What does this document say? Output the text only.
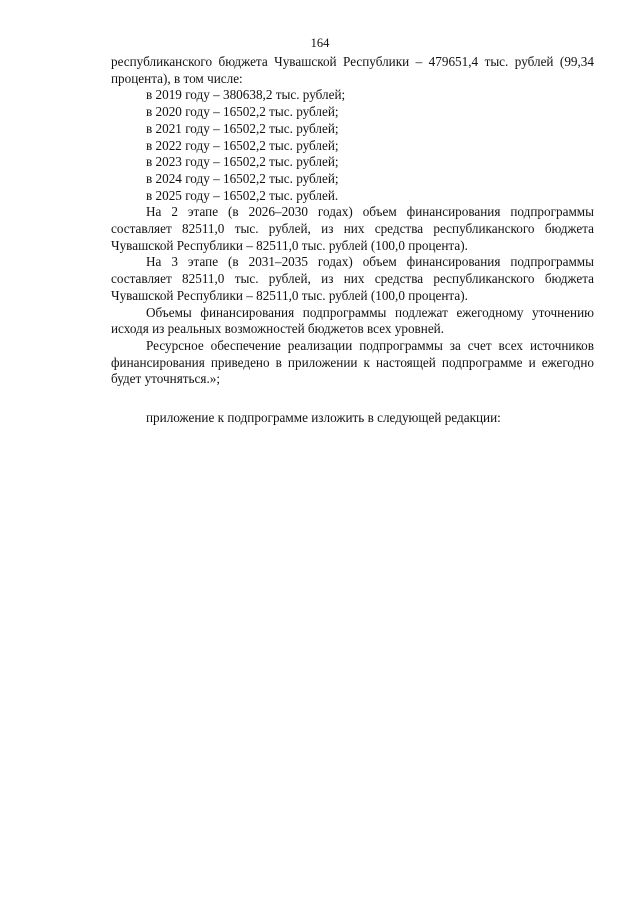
164

республиканского бюджета Чувашской Республики – 479651,4 тыс. рублей (99,34 процента), в том числе:

в 2019 году – 380638,2 тыс. рублей;

в 2020 году – 16502,2 тыс. рублей;

в 2021 году – 16502,2 тыс. рублей;

в 2022 году – 16502,2 тыс. рублей;

в 2023 году – 16502,2 тыс. рублей;

в 2024 году – 16502,2 тыс. рублей;

в 2025 году – 16502,2 тыс. рублей.

На 2 этапе (в 2026–2030 годах) объем финансирования подпрограммы составляет 82511,0 тыс. рублей, из них средства республиканского бюджета Чувашской Республики – 82511,0 тыс. рублей (100,0 процента).

На 3 этапе (в 2031–2035 годах) объем финансирования подпрограммы составляет 82511,0 тыс. рублей, из них средства республиканского бюджета Чувашской Республики – 82511,0 тыс. рублей (100,0 процента).

Объемы финансирования подпрограммы подлежат ежегодному уточнению исходя из реальных возможностей бюджетов всех уровней.

Ресурсное обеспечение реализации подпрограммы за счет всех источников финансирования приведено в приложении к настоящей подпрограмме и ежегодно будет уточняться.»;

приложение к подпрограмме изложить в следующей редакции:
